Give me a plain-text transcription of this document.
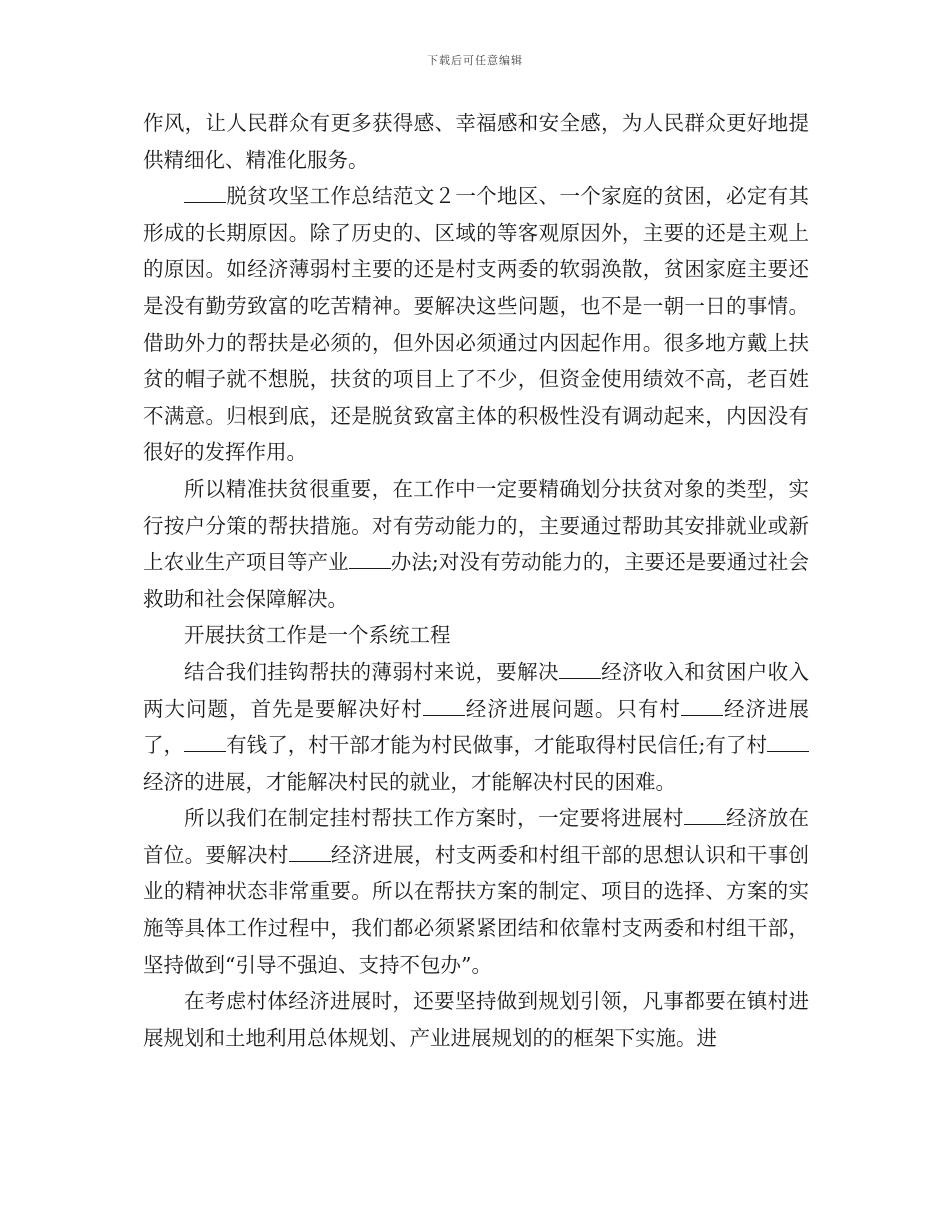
下载后可任意编辑

作风，让人民群众有更多获得感、幸福感和安全感，为人民群众更好地提供精细化、精准化服务。

脱贫攻坚工作总结范文２一个地区、一个家庭的贫困，必定有其形成的长期原因。除了历史的、区域的等客观原因外，主要的还是主观上的原因。如经济薄弱村主要的还是村支两委的软弱涣散，贫困家庭主要还是没有勤劳致富的吃苦精神。要解决这些问题，也不是一朝一日的事情。借助外力的帮扶是必须的，但外因必须通过内因起作用。很多地方戴上扶贫的帽子就不想脱，扶贫的项目上了不少，但资金使用绩效不高，老百姓不满意。归根到底，还是脱贫致富主体的积极性没有调动起来，内因没有很好的发挥作用。

所以精准扶贫很重要，在工作中一定要精确划分扶贫对象的类型，实行按户分策的帮扶措施。对有劳动能力的，主要通过帮助其安排就业或新上农业生产项目等产业 办法;对没有劳动能力的，主要还是要通过社会救助和社会保障解决。

开展扶贫工作是一个系统工程

结合我们挂钩帮扶的薄弱村来说，要解决 经济收入和贫困户收入两大问题，首先是要解决好村 经济进展问题。只有村 经济进展了， 有钱了，村干部才能为村民做事，才能取得村民信任;有了村经济的进展，才能解决村民的就业，才能解决村民的困难。

所以我们在制定挂村帮扶工作方案时，一定要将进展村 经济放在首位。要解决村 经济进展，村支两委和村组干部的思想认识和干事创业的精神状态非常重要。所以在帮扶方案的制定、项目的选择、方案的实施等具体工作过程中，我们都必须紧紧团结和依靠村支两委和村组干部，坚持做到“引导不强迫、支持不包办”。

在考虑村体经济进展时，还要坚持做到规划引领，凡事都要在镇村进展规划和土地利用总体规划、产业进展规划的的框架下实施。进
